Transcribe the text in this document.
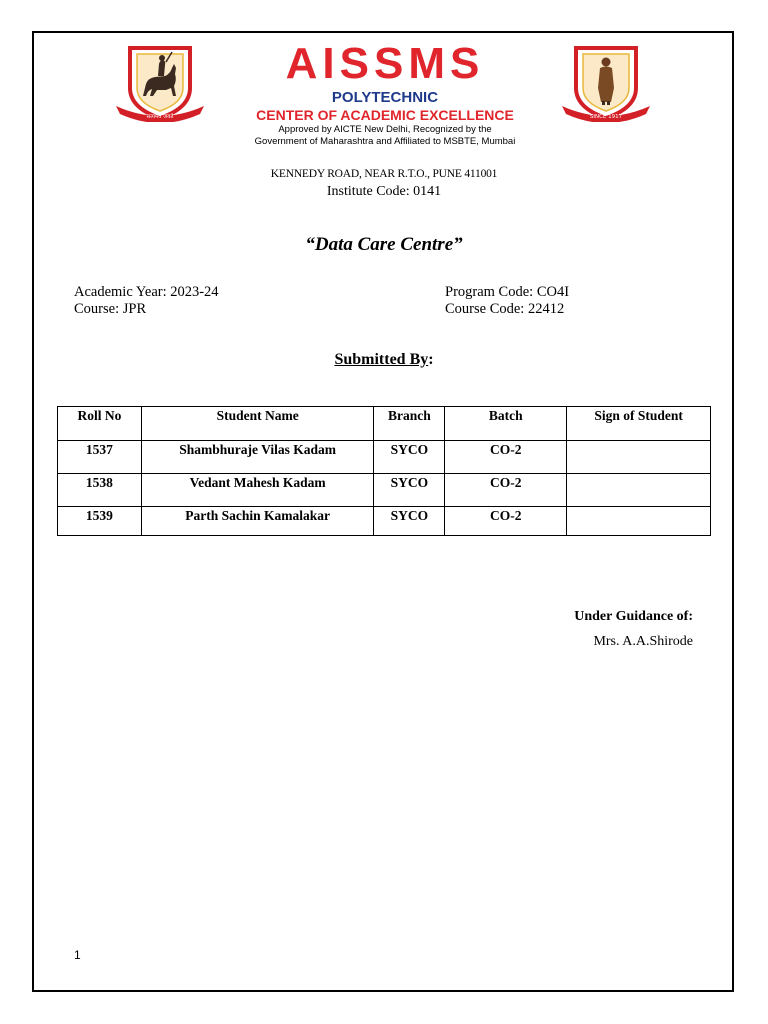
सत्यमेव जयते
AISSMS
POLYTECHNIC
CENTER OF ACADEMIC EXCELLENCE
Approved by AICTE New Delhi, Recognized by the
Government of Maharashtra and Affiliated to MSBTE, Mumbai
SINCE 1917
KENNEDY ROAD, NEAR R.T.O., PUNE 411001
Institute Code: 0141
“Data Care Centre”
Academic Year: 2023-24
Course: JPR
Program Code: CO4I
Course Code: 22412
Submitted By:
Roll No	Student Name	Branch	Batch	Sign of Student
1537	Shambhuraje Vilas Kadam	SYCO	CO-2	
1538	Vedant Mahesh Kadam	SYCO	CO-2	
1539	Parth Sachin Kamalakar	SYCO	CO-2	
Under Guidance of:
Mrs. A.A.Shirode
1
